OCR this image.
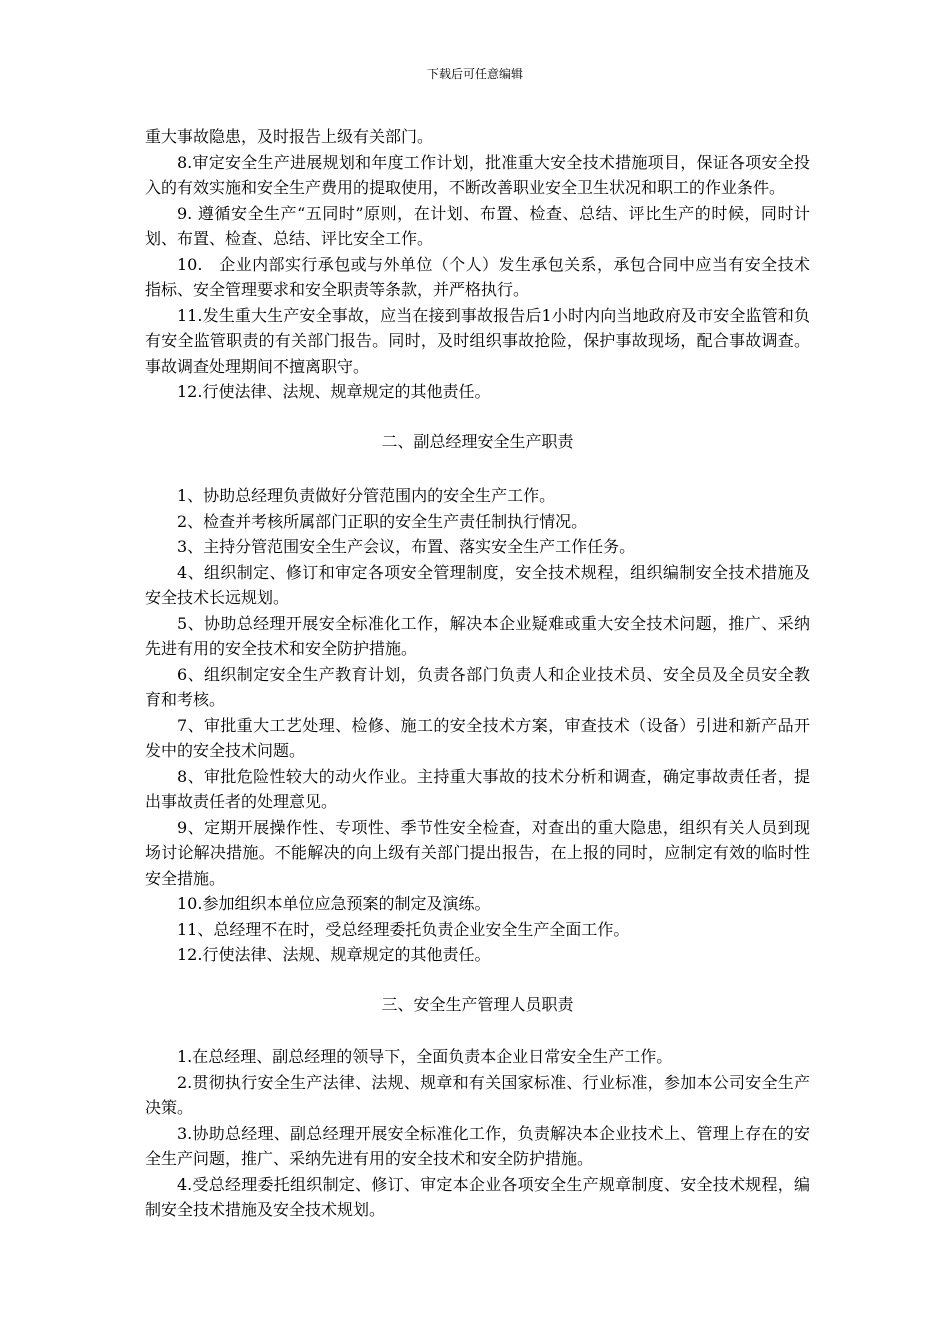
下载后可任意编辑

重大事故隐患，及时报告上级有关部门。

8.审定安全生产进展规划和年度工作计划，批准重大安全技术措施项目，保证各项安全投入的有效实施和安全生产费用的提取使用，不断改善职业安全卫生状况和职工的作业条件。

9. 遵循安全生产“五同时”原则，在计划、布置、检查、总结、评比生产的时候，同时计划、布置、检查、总结、评比安全工作。

10.　企业内部实行承包或与外单位（个人）发生承包关系，承包合同中应当有安全技术指标、安全管理要求和安全职责等条款，并严格执行。

11.发生重大生产安全事故，应当在接到事故报告后1小时内向当地政府及市安全监管和负有安全监管职责的有关部门报告。同时，及时组织事故抢险，保护事故现场，配合事故调查。事故调查处理期间不擅离职守。

12.行使法律、法规、规章规定的其他责任。

二、副总经理安全生产职责

1、协助总经理负责做好分管范围内的安全生产工作。

2、检查并考核所属部门正职的安全生产责任制执行情况。

3、主持分管范围安全生产会议，布置、落实安全生产工作任务。

4、组织制定、修订和审定各项安全管理制度，安全技术规程，组织编制安全技术措施及安全技术长远规划。

5、协助总经理开展安全标准化工作，解决本企业疑难或重大安全技术问题，推广、采纳先进有用的安全技术和安全防护措施。

6、组织制定安全生产教育计划，负责各部门负责人和企业技术员、安全员及全员安全教育和考核。

7、审批重大工艺处理、检修、施工的安全技术方案，审查技术（设备）引进和新产品开发中的安全技术问题。

8、审批危险性较大的动火作业。主持重大事故的技术分析和调查，确定事故责任者，提出事故责任者的处理意见。

9、定期开展操作性、专项性、季节性安全检查，对查出的重大隐患，组织有关人员到现场讨论解决措施。不能解决的向上级有关部门提出报告，在上报的同时，应制定有效的临时性安全措施。

10.参加组织本单位应急预案的制定及演练。

11、总经理不在时，受总经理委托负责企业安全生产全面工作。

12.行使法律、法规、规章规定的其他责任。

三、安全生产管理人员职责

1.在总经理、副总经理的领导下，全面负责本企业日常安全生产工作。

2.贯彻执行安全生产法律、法规、规章和有关国家标准、行业标准，参加本公司安全生产决策。

3.协助总经理、副总经理开展安全标准化工作，负责解决本企业技术上、管理上存在的安全生产问题，推广、采纳先进有用的安全技术和安全防护措施。

4.受总经理委托组织制定、修订、审定本企业各项安全生产规章制度、安全技术规程，编制安全技术措施及安全技术规划。
